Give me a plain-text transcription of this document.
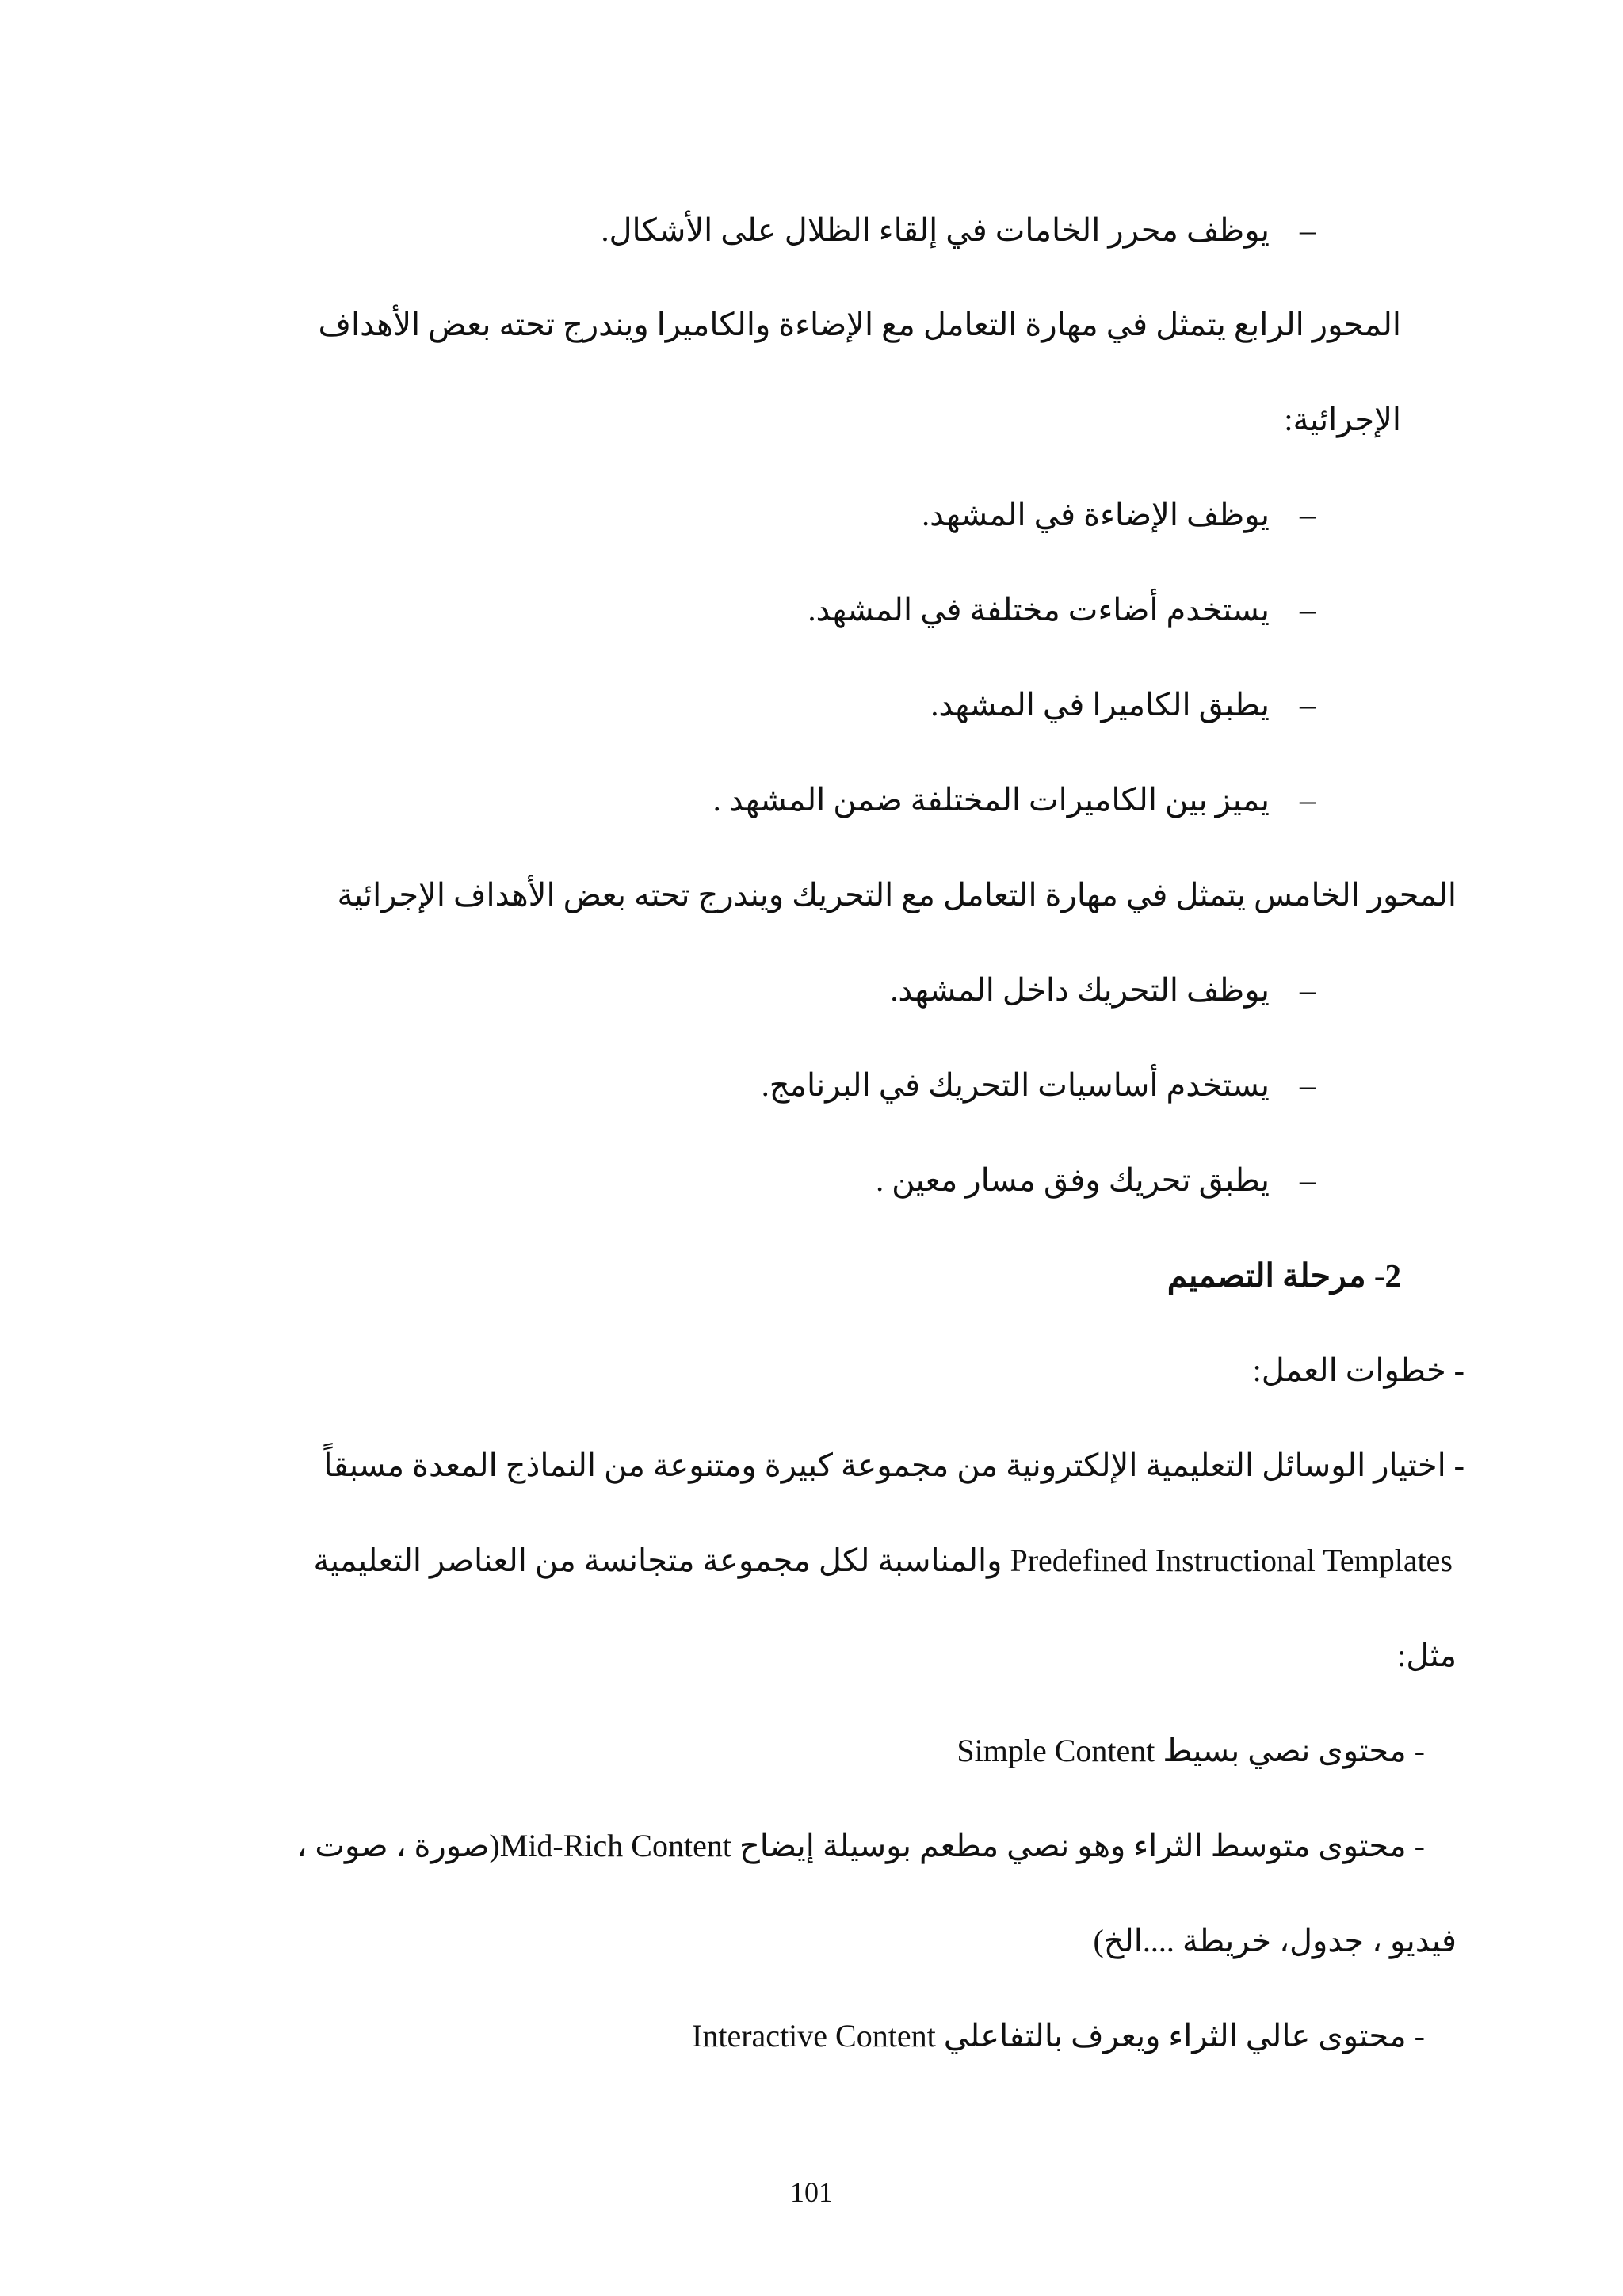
–يوظف محرر الخامات في إلقاء الظلال على الأشكال.
المحور الرابع يتمثل في مهارة التعامل مع الإضاءة والكاميرا ويندرج تحته بعض الأهداف
الإجرائية:
–يوظف الإضاءة في المشهد.
–يستخدم أضاءت مختلفة في المشهد.
–يطبق الكاميرا في المشهد.
–يميز بين الكاميرات المختلفة ضمن المشهد .
المحور الخامس يتمثل في مهارة التعامل مع التحريك ويندرج تحته بعض الأهداف الإجرائية
–يوظف التحريك داخل المشهد.
–يستخدم أساسيات التحريك في البرنامج.
–يطبق تحريك وفق مسار معين .
2- مرحلة التصميم
- خطوات العمل:
- اختيار الوسائل التعليمية الإلكترونية من مجموعة كبيرة ومتنوعة من النماذج المعدة مسبقاً
Predefined Instructional Templates والمناسبة لكل مجموعة متجانسة من العناصر التعليمية
مثل:
- محتوى نصي بسيط Simple Content
- محتوى متوسط الثراء وهو نصي مطعم بوسيلة إيضاح Mid-Rich Content(صورة ، صوت ،
فيديو ، جدول، خريطة ....الخ)
- محتوى عالي الثراء ويعرف بالتفاعلي Interactive Content
101
